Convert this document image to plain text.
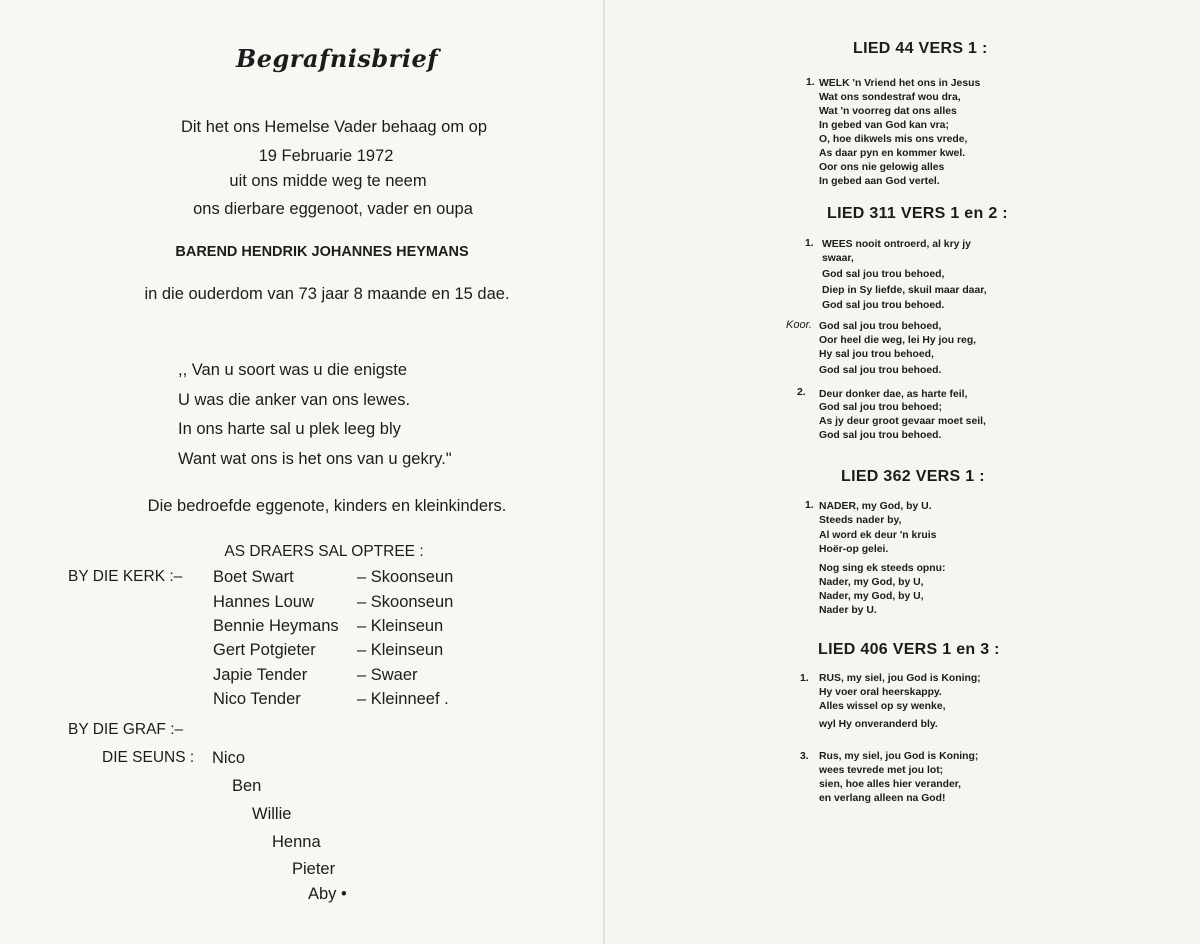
Begrafnisbrief
Dit het ons Hemelse Vader behaag om op
19 Februarie 1972
uit ons midde weg te neem
ons dierbare eggenoot, vader en oupa
BAREND HENDRIK JOHANNES HEYMANS
in die ouderdom van 73 jaar 8 maande en 15 dae.
,, Van u soort was u die enigste
U was die anker van ons lewes.
In ons harte sal u plek leeg bly
Want wat ons is het ons van u gekry."
Die bedroefde eggenote, kinders en kleinkinders.
AS DRAERS SAL OPTREE :
BY DIE KERK :– Boet Swart	– Skoonseun
Hannes Louw	– Skoonseun
Bennie Heymans – Kleinseun
Gert Potgieter	– Kleinseun
Japie Tender	– Swaer
Nico Tender	– Kleinneef .
BY DIE GRAF :–
DIE SEUNS : Nico
Ben
Willie
Henna
Pieter
Aby •
LIED 44 VERS 1 :
1. WELK 'n Vriend het ons in Jesus
Wat ons sondestraf wou dra,
Wat 'n voorreg dat ons alles
In gebed van God kan vra;
O, hoe dikwels mis ons vrede,
As daar pyn en kommer kwel.
Oor ons nie gelowig alles
In gebed aan God vertel.
LIED 311 VERS 1 en 2 :
1. WEES nooit ontroerd, al kry jy
swaar,
God sal jou trou behoed,
Diep in Sy liefde, skuil maar daar,
God sal jou trou behoed.
Koor. God sal jou trou behoed,
Oor heel die weg, lei Hy jou reg,
Hy sal jou trou behoed,
God sal jou trou behoed.
2. Deur donker dae, as harte feil,
God sal jou trou behoed;
As jy deur groot gevaar moet seil,
God sal jou trou behoed.
LIED 362 VERS 1 :
1. NADER, my God, by U.
Steeds nader by,
Al word ek deur 'n kruis
Hoër-op gelei.
Nog sing ek steeds opnu:
Nader, my God, by U,
Nader, my God, by U,
Nader by U.
LIED 406 VERS 1 en 3 :
1. RUS, my siel, jou God is Koning;
Hy voer oral heerskappy.
Alles wissel op sy wenke,
wyl Hy onveranderd bly.
3. Rus, my siel, jou God is Koning;
wees tevrede met jou lot;
sien, hoe alles hier verander,
en verlang alleen na God!
